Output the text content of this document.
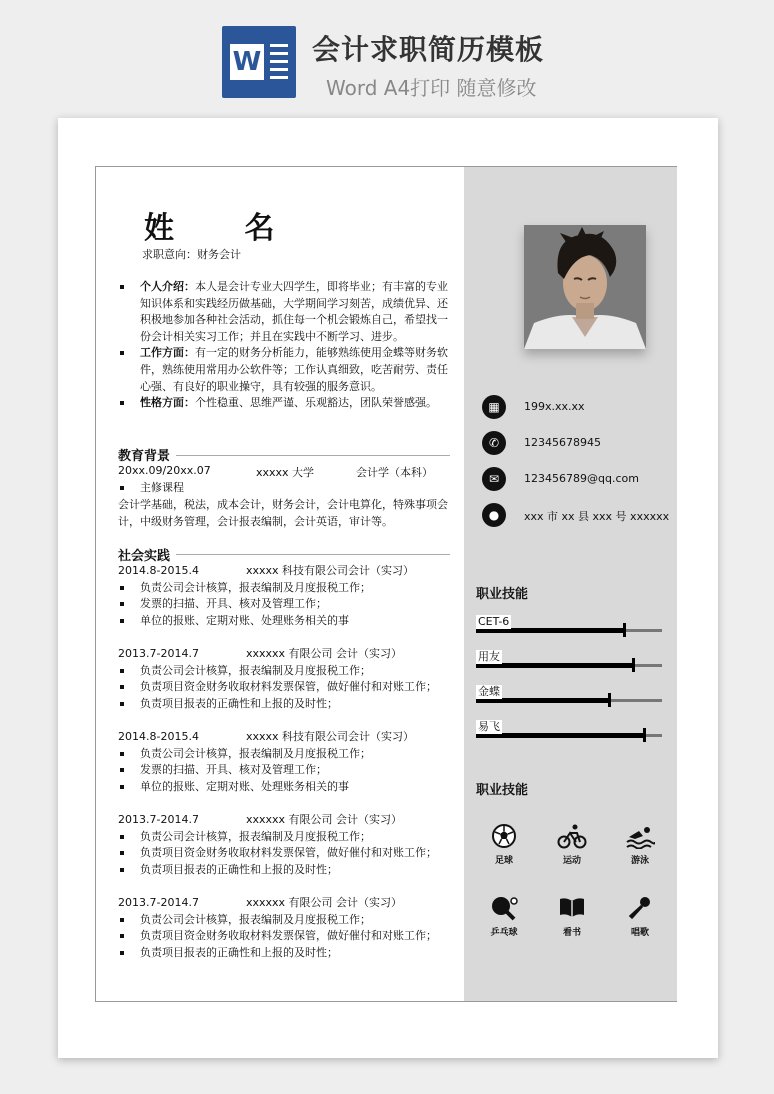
W 会计求职简历模板
Word A4打印 随意修改
姓 名
求职意向：财务会计
个人介绍：本人是会计专业大四学生，即将毕业；有丰富的专业知识体系和实践经历做基础，大学期间学习刻苦，成绩优异、还积极地参加各种社会活动，抓住每一个机会锻炼自己，希望找一份会计相关实习工作；并且在实践中不断学习、进步。
工作方面：有一定的财务分析能力，能够熟练使用金蝶等财务软件，熟练使用常用办公软件等；工作认真细致，吃苦耐劳、责任心强、有良好的职业操守，具有较强的服务意识。
性格方面：个性稳重、思维严谨、乐观豁达，团队荣誉感强。
教育背景
20xx.09/20xx.07	xxxxx 大学	会计学（本科）
主修课程
会计学基础，税法，成本会计，财务会计，会计电算化，特殊事项会计，中级财务管理，会计报表编制，会计英语，审计等。
社会实践
2014.8-2015.4	xxxxx 科技有限公司会计（实习）
负责公司会计核算，报表编制及月度报税工作；
发票的扫描、开具、核对及管理工作；
单位的报账、定期对账、处理账务相关的事
2013.7-2014.7	xxxxxx 有限公司 会计（实习）
负责公司会计核算，报表编制及月度报税工作；
负责项目资金财务收取材料发票保管，做好催付和对账工作；
负责项目报表的正确性和上报的及时性；
2014.8-2015.4	xxxxx 科技有限公司会计（实习）
负责公司会计核算，报表编制及月度报税工作；
发票的扫描、开具、核对及管理工作；
单位的报账、定期对账、处理账务相关的事
2013.7-2014.7	xxxxxx 有限公司 会计（实习）
负责公司会计核算，报表编制及月度报税工作；
负责项目资金财务收取材料发票保管，做好催付和对账工作；
负责项目报表的正确性和上报的及时性；
2013.7-2014.7	xxxxxx 有限公司 会计（实习）
负责公司会计核算，报表编制及月度报税工作；
负责项目资金财务收取材料发票保管，做好催付和对账工作；
负责项目报表的正确性和上报的及时性；
▦	199x.xx.xx
✆	12345678945
✉	123456789@qq.com
●	xxx 市 xx 县 xxx 号 xxxxxx
职业技能
CET-6
用友
金蝶
易飞
职业技能
足球	运动	游泳
乒乓球	看书	唱歌
